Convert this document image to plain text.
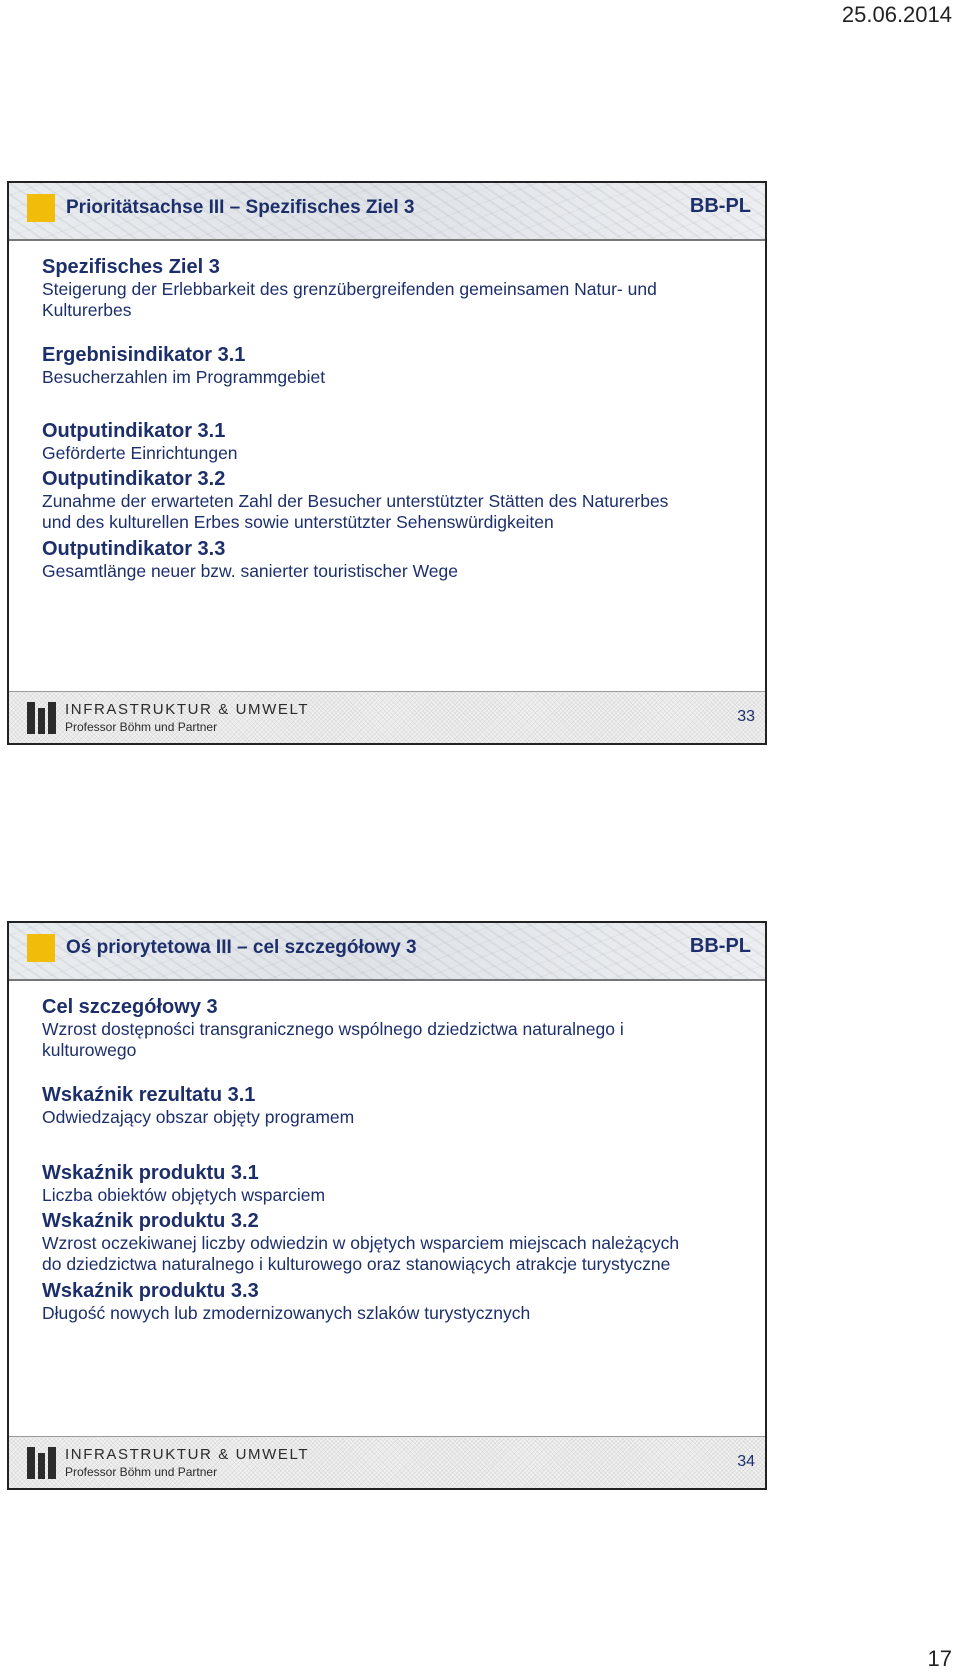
25.06.2014
Prioritätsachse III – Spezifisches Ziel 3	BB-PL
Spezifisches Ziel 3
Steigerung der Erlebbarkeit des grenzübergreifenden gemeinsamen Natur- und
Kulturerbes
Ergebnisindikator 3.1
Besucherzahlen im Programmgebiet
Outputindikator 3.1
Geförderte Einrichtungen
Outputindikator 3.2
Zunahme der erwarteten Zahl der Besucher unterstützter Stätten des Naturerbes
und des kulturellen Erbes sowie unterstützter Sehenswürdigkeiten
Outputindikator 3.3
Gesamtlänge neuer bzw. sanierter touristischer Wege
INFRASTRUKTUR & UMWELT
Professor Böhm und Partner
33
Oś priorytetowa III – cel szczegółowy 3	BB-PL
Cel szczegółowy 3
Wzrost dostępności transgranicznego wspólnego dziedzictwa naturalnego i
kulturowego
Wskaźnik rezultatu 3.1
Odwiedzający obszar objęty programem
Wskaźnik produktu 3.1
Liczba obiektów objętych wsparciem
Wskaźnik produktu 3.2
Wzrost oczekiwanej liczby odwiedzin w objętych wsparciem miejscach należących
do dziedzictwa naturalnego i kulturowego oraz stanowiących atrakcje turystyczne
Wskaźnik produktu 3.3
Długość nowych lub zmodernizowanych szlaków turystycznych
INFRASTRUKTUR & UMWELT
Professor Böhm und Partner
34
17
